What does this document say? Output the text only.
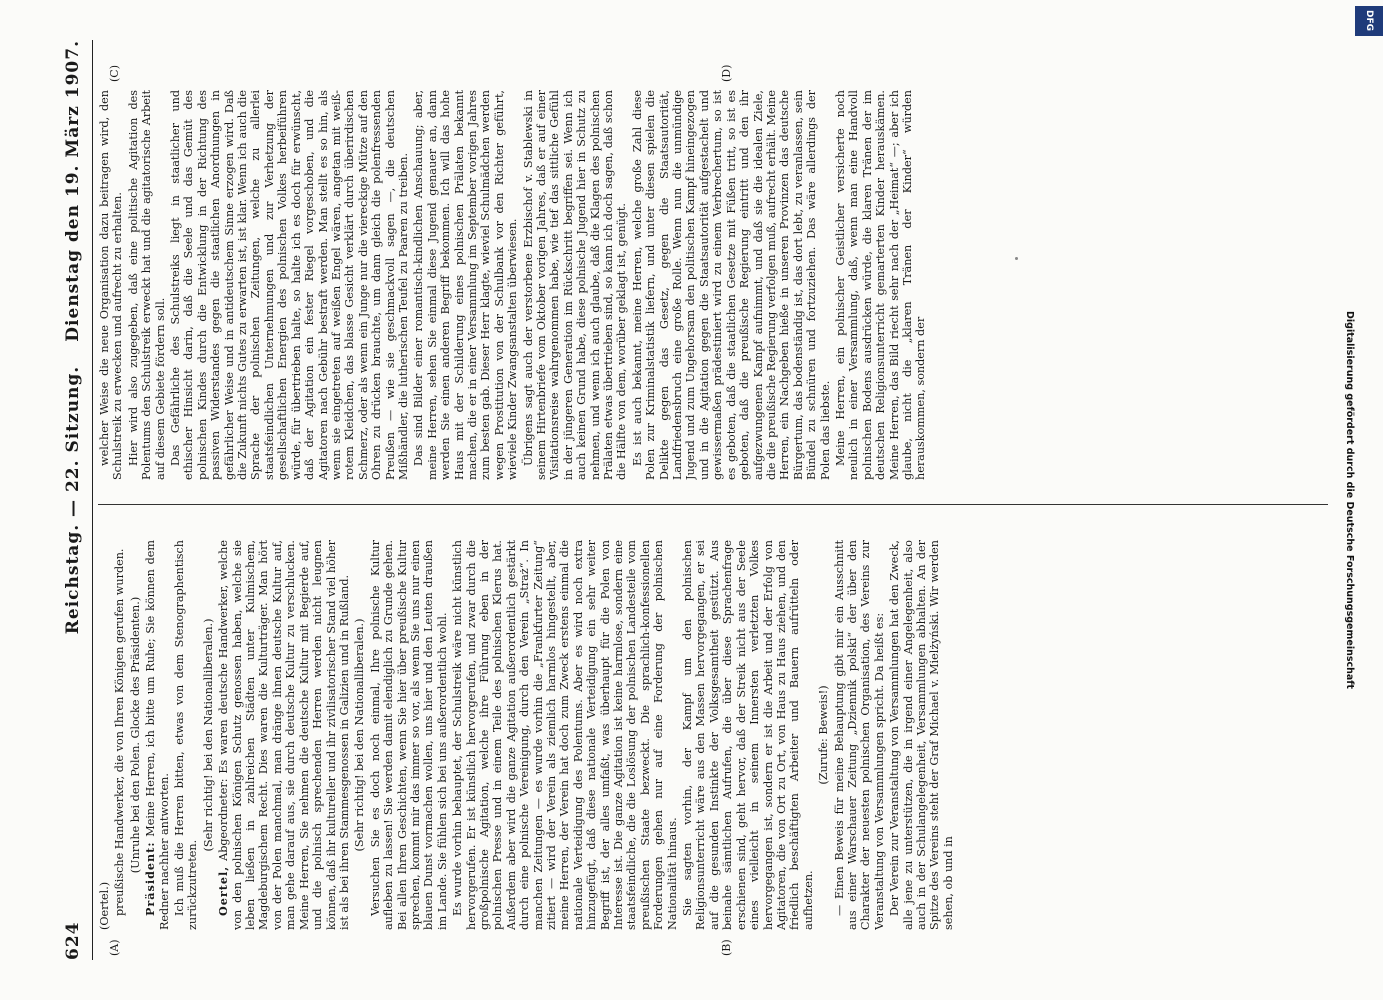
624
Reichstag. — 22. Sitzung.
Dienstag den 19. März 1907.

(Oertel.) preußische Handwerker, die von Ihren Königen gerufen wurden. (Unruhe bei den Polen. Glocke des Präsidenten.)

Präsident: Meine Herren, ich bitte um Ruhe; Sie können dem Redner nachher antworten. Ich muß die Herren bitten, etwas von dem Stenographentisch zurückzutreten.

(Sehr richtig! bei den Nationalliberalen.)

Oertel, Abgeordneter: Es waren deutsche Handwerker, welche von den polnischen Königen Schutz genossen haben, welche sie leben ließen in zahlreichen Städten unter Kulmischem, Magdeburgischem Recht. Dies waren die Kulturträger. Man hört von der Polen manchmal, man dränge ihnen deutsche Kultur auf, man gehe darauf aus, sie durch deutsche Kultur zu verschlucken. Meine Herren, Sie nehmen die deutsche Kultur mit Begierde auf, und die polnisch sprechenden Herren werden nicht leugnen können, daß ihr kultureller und ihr zivilisatorischer Stand viel höher ist als bei ihren Stammesgenossen in Galizien und in Rußland. (Sehr richtig! bei den Nationalliberalen.) Versuchen Sie es doch noch einmal, Ihre polnische Kultur aufleben zu lassen! Sie werden damit elendiglich zu Grunde gehen. Bei allen Ihren Geschichten, wenn Sie hier über preußische Kultur sprechen, kommt mir das immer so vor, als wenn Sie uns nur einen blauen Dunst vormachen wollen, uns hier und den Leuten draußen im Lande. Sie fühlen sich bei uns außerordentlich wohl. Es wurde vorhin behauptet, der Schulstreik wäre nicht künstlich hervorgerufen. Er ist künstlich hervorgerufen, und zwar durch die großpolnische Agitation, welche ihre Führung eben in der polnischen Presse und in einem Teile des polnischen Klerus hat. Außerdem aber wird die ganze Agitation außerordentlich gestärkt durch eine polnische Vereinigung, durch den Verein „Straż“. In manchen Zeitungen — es wurde vorhin die „Frankfurter Zeitung“ zitiert — wird der Verein als ziemlich harmlos hingestellt, aber, meine Herren, der Verein hat doch zum Zweck erstens einmal die nationale Verteidigung des Polentums. Aber es wird noch extra hinzugefügt, daß diese nationale Verteidigung ein sehr weiter Begriff ist, der alles umfaßt, was überhaupt für die Polen von Interesse ist. Die ganze Agitation ist keine harmlose, sondern eine staatsfeindliche, die die Loslösung der polnischen Landesteile vom preußischen Staate bezweckt. Die sprachlich-konfessionellen Forderungen gehen nur auf eine Forderung der polnischen Nationalität hinaus. Sie sagten vorhin, der Kampf um den polnischen Religionsunterricht wäre aus den Massen hervorgegangen, er sei auf die gesunden Instinkte der Volksgesamtheit gestützt. Aus beinahe sämtlichen Aufrufen, die über diese Sprachenfrage erschienen sind, geht hervor, daß der Streik nicht aus der Seele eines vielleicht in seinem Innersten verletzten Volkes hervorgegangen ist, sondern er ist die Arbeit und der Erfolg von Agitatoren, die von Ort zu Ort, von Haus zu Haus ziehen, und den friedlich beschäftigten Arbeiter und Bauern aufrütteln oder aufhetzen.

(Zurufe: Beweis!) — Einen Beweis für meine Behauptung gibt mir ein Ausschnitt aus einer Warschauer Zeitung „Dziennik polski“ der über den Charakter der neuesten polnischen Organisation, des Vereins zur Veranstaltung von Versammlungen spricht. Da heißt es: Der Verein zur Veranstaltung von Versammlungen hat den Zweck, alle jene zu unterstützen, die in irgend einer Angelegenheit, also auch in der Schulangelegenheit, Versammlungen abhalten. An der Spitze des Vereins steht der Graf Michael v. Mielżyński. Wir werden sehen, ob und in

welcher Weise die neue Organisation dazu beitragen wird, den Schulstreik zu erwecken und aufrecht zu erhalten. Hier wird also zugegeben, daß eine politische Agitation des Polentums den Schulstreik erweckt hat und die agitatorische Arbeit auf diesem Gebiete fördern soll. Das Gefährliche des Schulstreiks liegt in staatlicher und ethischer Hinsicht darin, daß die Seele und das Gemüt des polnischen Kindes durch die Entwicklung in der Richtung des passiven Widerstandes gegen die staatlichen Anordnungen in gefährlicher Weise und in antideutschem Sinne erzogen wird. Daß die Zukunft nichts Gutes zu erwarten ist, ist klar. Wenn ich auch die Sprache der polnischen Zeitungen, welche zu allerlei staatsfeindlichen Unternehmungen und zur Verhetzung der gesellschaftlichen Energien des polnischen Volkes herbeiführen würde, für übertrieben halte, so halte ich es doch für erwünscht, daß der Agitation ein fester Riegel vorgeschoben, und die Agitatoren nach Gebühr bestraft werden. Man stellt es so hin, als wenn sie eingetreten auf weißen Engel wären, angetan mit weiß-rotem Kleidchen, das blasse Gesicht verklärt durch überirdischen Schmerz, oder als wenn ein Junge nur die viereckige Mütze auf den Ohren zu drücken brauchte, um dann gleich die polenfressenden Preußen — wie sie geschmackvoll sagen —, die deutschen Mißhändler, die lutherischen Teufel zu Paaren zu treiben. Das sind Bilder einer romantisch-kindlichen Anschauung; aber, meine Herren, sehen Sie einmal diese Jugend genauer an, dann werden Sie einen anderen Begriff bekommen. Ich will das hohe Haus mit der Schilderung eines polnischen Prälaten bekannt machen, die er in einer Versammlung im September vorigen Jahres zum besten gab. Dieser Herr klagte, wieviel Schulmädchen werden wegen Prostitution von der Schulbank vor den Richter geführt, wieviele Kinder Zwangsanstalten überwiesen. Übrigens sagt auch der verstorbene Erzbischof v. Stablewski in seinem Hirtenbriefe vom Oktober vorigen Jahres, daß er auf einer Visitationsreise wahrgenommen habe, wie tief das sittliche Gefühl in der jüngeren Generation im Rückschritt begriffen sei. Wenn ich auch keinen Grund habe, diese polnische Jugend hier in Schutz zu nehmen, und wenn ich auch glaube, daß die Klagen des polnischen Prälaten etwas übertrieben sind, so kann ich doch sagen, daß schon die Hälfte von dem, worüber geklagt ist, genügt. Es ist auch bekannt, meine Herren, welche große Zahl diese Polen zur Kriminalstatistik liefern, und unter diesen spielen die Delikte gegen das Gesetz, gegen die Staatsautorität, Landfriedensbruch eine große Rolle. Wenn nun die unmündige Jugend und zum Ungehorsam den politischen Kampf hineingezogen und in die Agitation gegen die Staatsautorität aufgestachelt und gewissermaßen prädestiniert wird zu einem Verbrechertum, so ist es geboten, daß die staatlichen Gesetze mit Füßen tritt, so ist es geboten, daß die preußische Regierung eintritt und den ihr aufgezwungenen Kampf aufnimmt, und daß sie die idealen Ziele, die die preußische Regierung verfolgen muß, aufrecht erhält. Meine Herren, ein Nachgeben hieße in unseren Provinzen das deutsche Bürgertum, das bodenständig ist, das dort lebt, zu veranlassen, sein Bündel zu schnüren und fortzuziehen. Das wäre allerdings der Polen das liebste. Meine Herren, ein polnischer Geistlicher versicherte noch neulich in einer Versammlung, daß, wenn man eine Handvoll polnischen Bodens ausdrücken würde, die klaren Tränen der im deutschen Religionsunterricht gemarterten Kinder herauskämen. Meine Herren, das Bild riecht sehr nach der „Heimat“ —; aber ich glaube, nicht die „klaren Tränen der Kinder“ würden herauskommen, sondern der

(A)	(B)
(C)	(D)
Digitalisierung gefördert durch die Deutsche Forschungsgemeinschaft
DFG
